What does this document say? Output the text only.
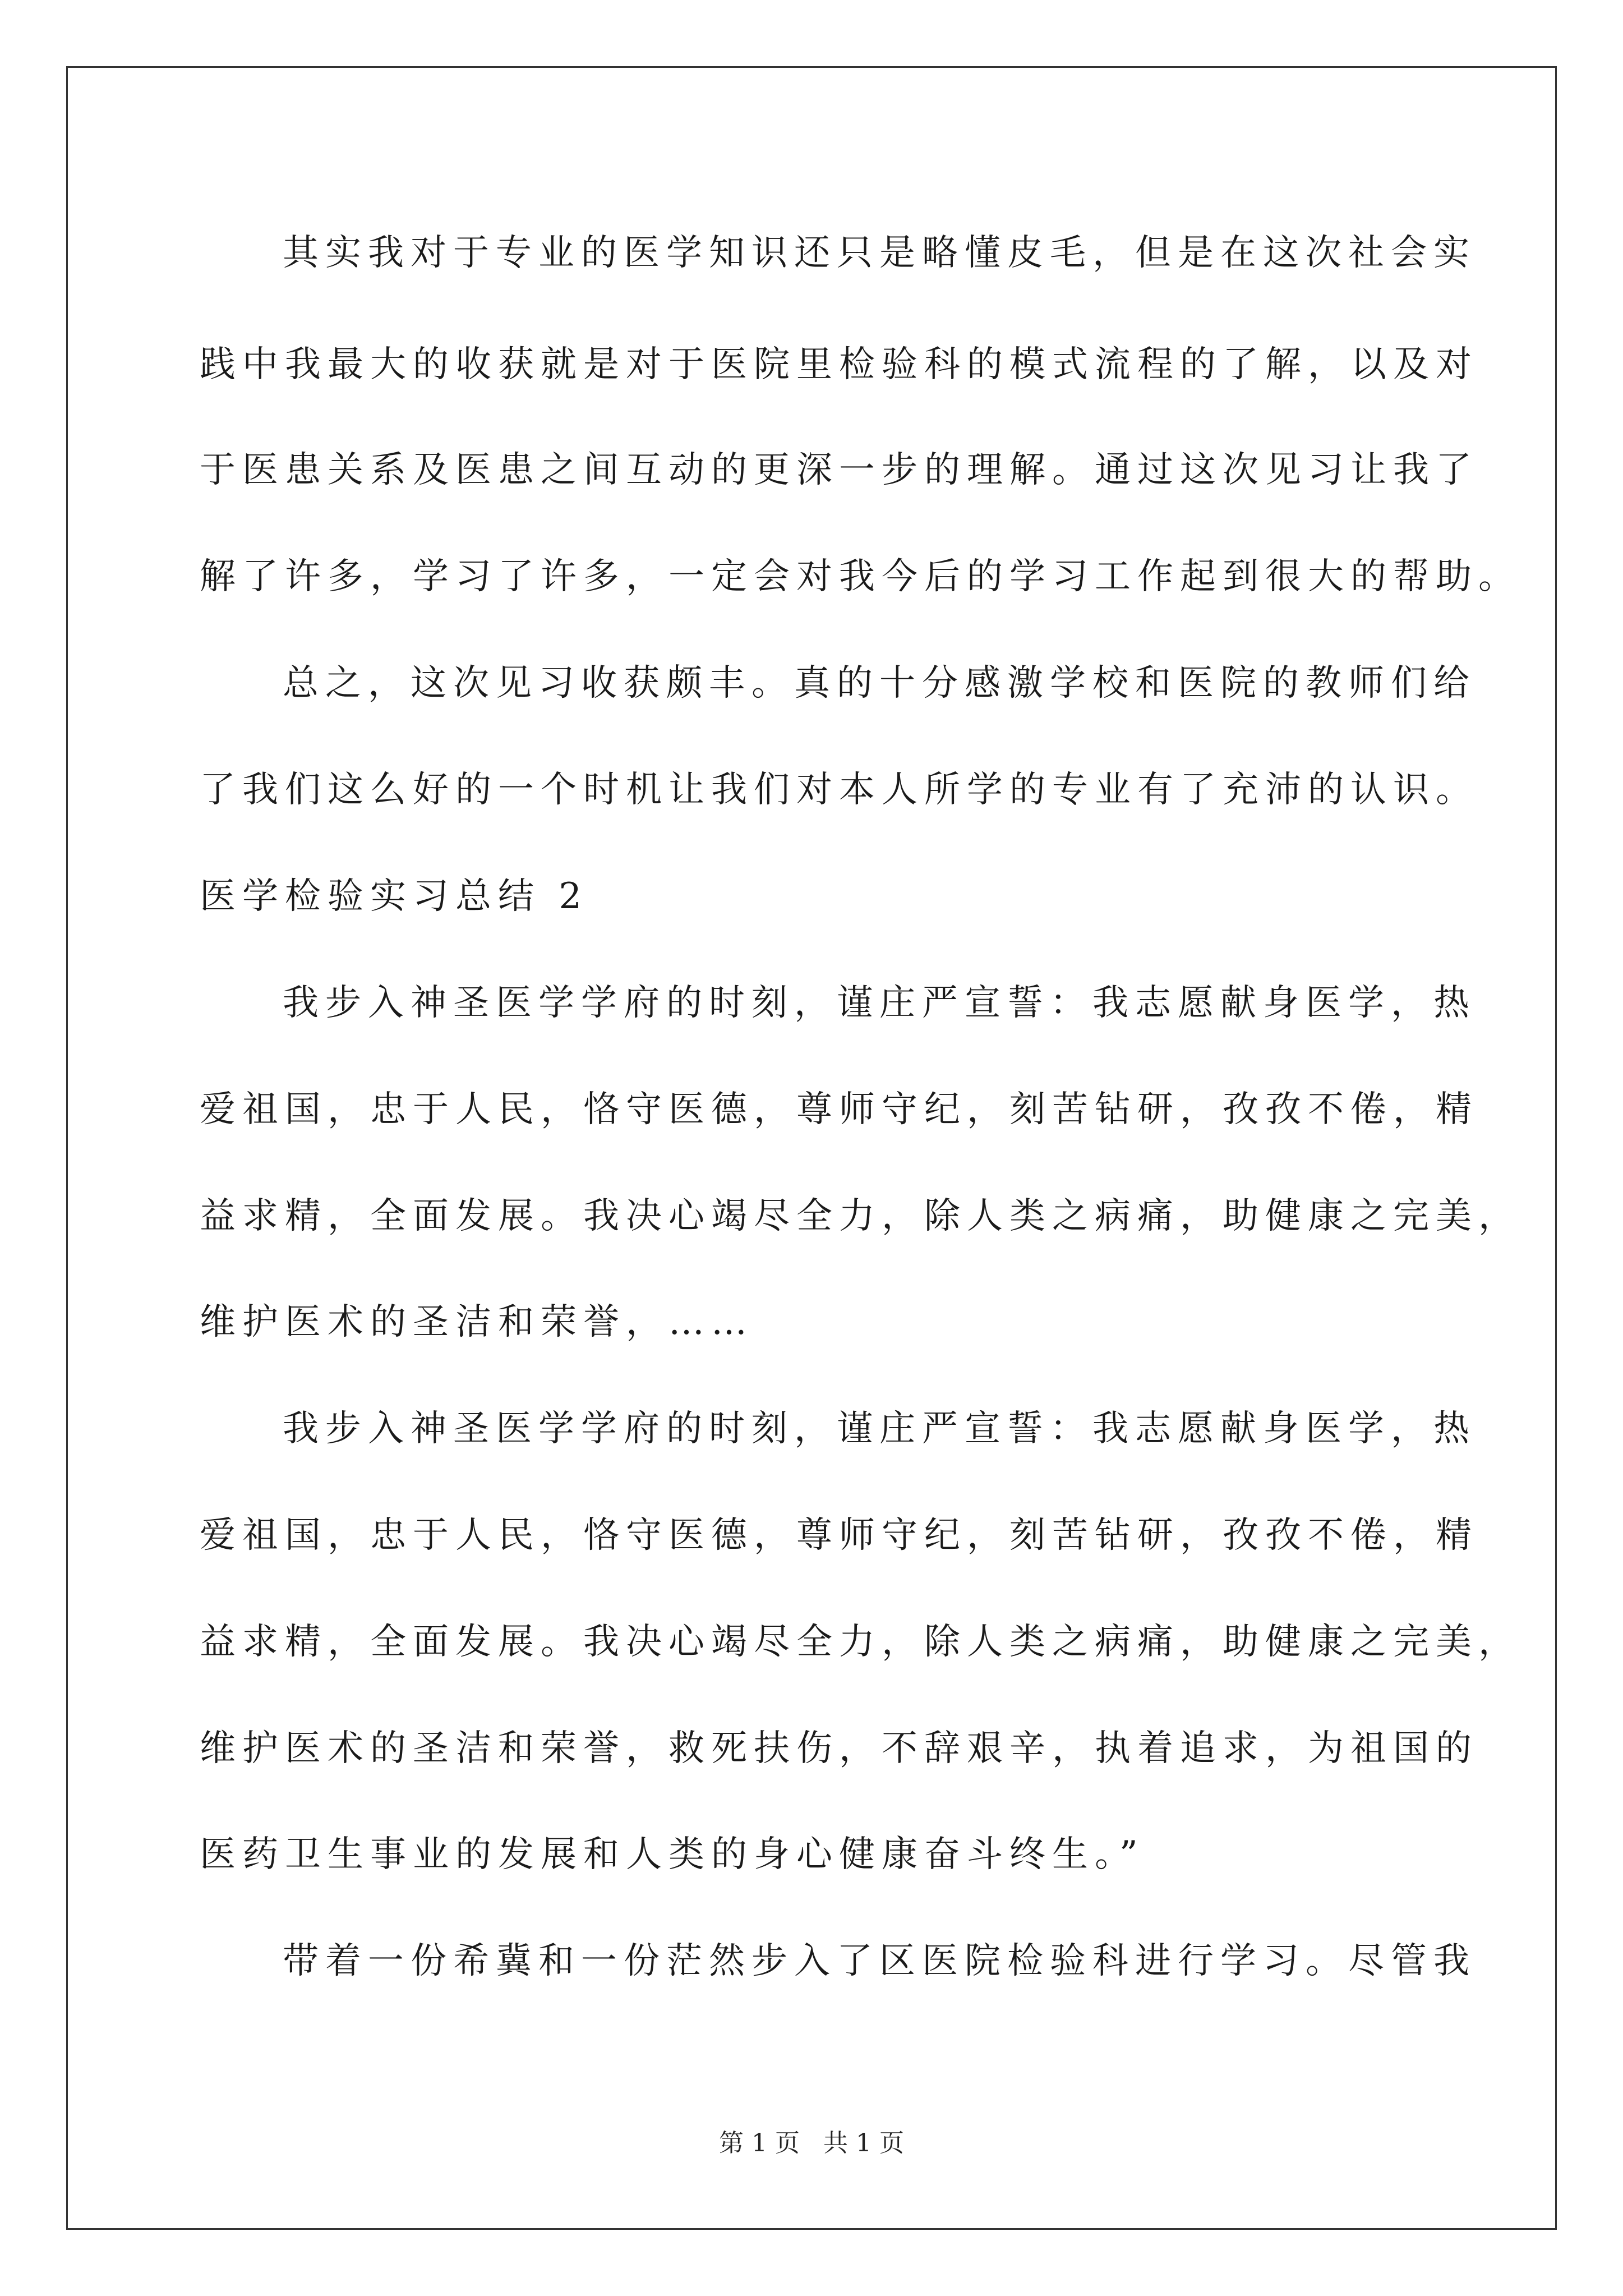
其实我对于专业的医学知识还只是略懂皮毛，但是在这次社会实
践中我最大的收获就是对于医院里检验科的模式流程的了解，以及对
于医患关系及医患之间互动的更深一步的理解。通过这次见习让我了
解了许多，学习了许多，一定会对我今后的学习工作起到很大的帮助。
总之，这次见习收获颇丰。真的十分感激学校和医院的教师们给
了我们这么好的一个时机让我们对本人所学的专业有了充沛的认识。
医学检验实习总结 2
我步入神圣医学学府的时刻，谨庄严宣誓：我志愿献身医学，热
爱祖国，忠于人民，恪守医德，尊师守纪，刻苦钻研，孜孜不倦，精
益求精，全面发展。我决心竭尽全力，除人类之病痛，助健康之完美，
维护医术的圣洁和荣誉，……
我步入神圣医学学府的时刻，谨庄严宣誓：我志愿献身医学，热
爱祖国，忠于人民，恪守医德，尊师守纪，刻苦钻研，孜孜不倦，精
益求精，全面发展。我决心竭尽全力，除人类之病痛，助健康之完美，
维护医术的圣洁和荣誉，救死扶伤，不辞艰辛，执着追求，为祖国的
医药卫生事业的发展和人类的身心健康奋斗终生。”
带着一份希冀和一份茫然步入了区医院检验科进行学习。尽管我
第 1 页 共 1 页
